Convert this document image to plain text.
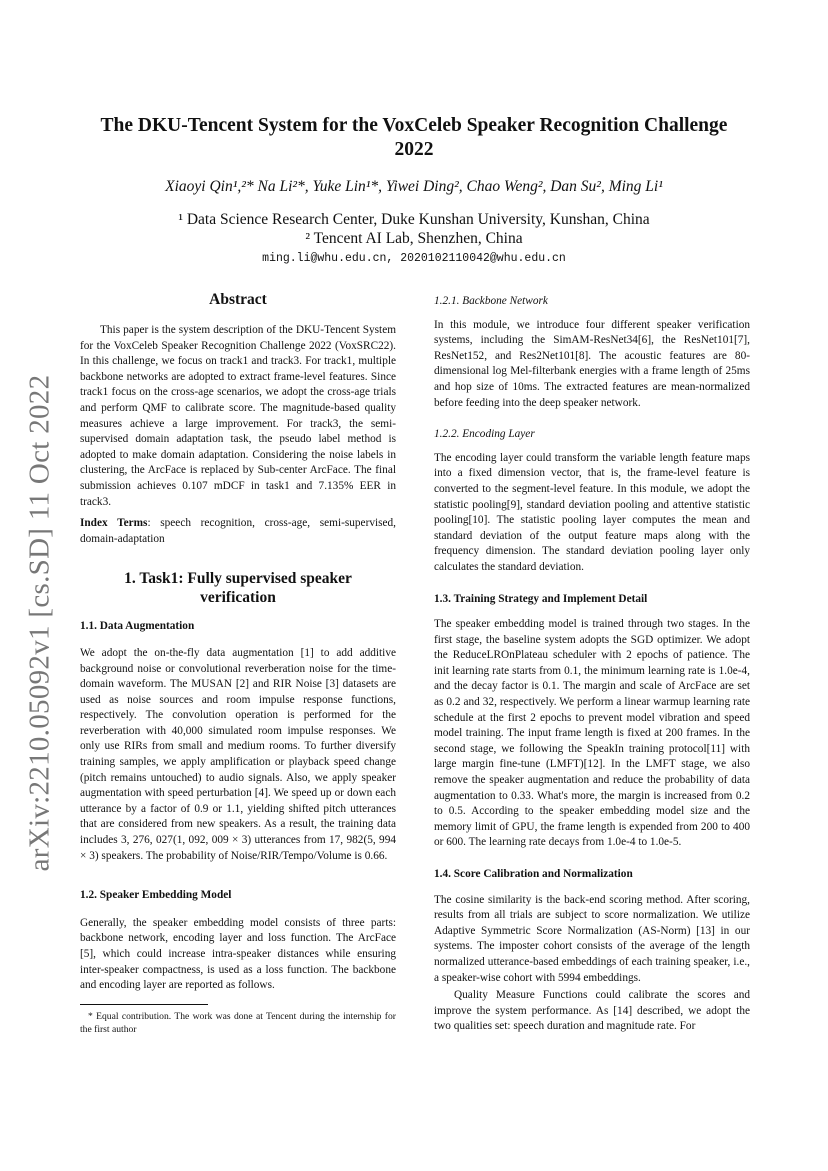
arXiv:2210.05092v1 [cs.SD] 11 Oct 2022
The DKU-Tencent System for the VoxCeleb Speaker Recognition Challenge 2022
Xiaoyi Qin¹,²* Na Li²*, Yuke Lin¹*, Yiwei Ding², Chao Weng², Dan Su², Ming Li¹
¹ Data Science Research Center, Duke Kunshan University, Kunshan, China
² Tencent AI Lab, Shenzhen, China
ming.li@whu.edu.cn, 2020102110042@whu.edu.cn
Abstract

This paper is the system description of the DKU-Tencent System for the VoxCeleb Speaker Recognition Challenge 2022 (VoxSRC22). In this challenge, we focus on track1 and track3. For track1, multiple backbone networks are adopted to extract frame-level features. Since track1 focus on the cross-age scenarios, we adopt the cross-age trials and perform QMF to calibrate score. The magnitude-based quality measures achieve a large improvement. For track3, the semi-supervised domain adaptation task, the pseudo label method is adopted to make domain adaptation. Considering the noise labels in clustering, the ArcFace is replaced by Sub-center ArcFace. The final submission achieves 0.107 mDCF in task1 and 7.135% EER in track3.

Index Terms: speech recognition, cross-age, semi-supervised, domain-adaptation

1. Task1: Fully supervised speaker verification
1.1. Data Augmentation

We adopt the on-the-fly data augmentation [1] to add additive background noise or convolutional reverberation noise for the time-domain waveform. The MUSAN [2] and RIR Noise [3] datasets are used as noise sources and room impulse response functions, respectively. The convolution operation is performed for the reverberation with 40,000 simulated room impulse responses. We only use RIRs from small and medium rooms. To further diversify training samples, we apply amplification or playback speed change (pitch remains untouched) to audio signals. Also, we apply speaker augmentation with speed perturbation [4]. We speed up or down each utterance by a factor of 0.9 or 1.1, yielding shifted pitch utterances that are considered from new speakers. As a result, the training data includes 3, 276, 027(1, 092, 009 × 3) utterances from 17, 982(5, 994 × 3) speakers. The probability of Noise/RIR/Tempo/Volume is 0.66.

1.2. Speaker Embedding Model

Generally, the speaker embedding model consists of three parts: backbone network, encoding layer and loss function. The ArcFace [5], which could increase intra-speaker distances while ensuring inter-speaker compactness, is used as a loss function. The backbone and encoding layer are reported as follows.

* Equal contribution. The work was done at Tencent during the internship for the first author

1.2.1. Backbone Network

In this module, we introduce four different speaker verification systems, including the SimAM-ResNet34[6], the ResNet101[7], ResNet152, and Res2Net101[8]. The acoustic features are 80-dimensional log Mel-filterbank energies with a frame length of 25ms and hop size of 10ms. The extracted features are mean-normalized before feeding into the deep speaker network.

1.2.2. Encoding Layer

The encoding layer could transform the variable length feature maps into a fixed dimension vector, that is, the frame-level feature is converted to the segment-level feature. In this module, we adopt the statistic pooling[9], standard deviation pooling and attentive statistic pooling[10]. The statistic pooling layer computes the mean and standard deviation of the output feature maps along with the frequency dimension. The standard deviation pooling layer only calculates the standard deviation.

1.3. Training Strategy and Implement Detail

The speaker embedding model is trained through two stages. In the first stage, the baseline system adopts the SGD optimizer. We adopt the ReduceLROnPlateau scheduler with 2 epochs of patience. The init learning rate starts from 0.1, the minimum learning rate is 1.0e-4, and the decay factor is 0.1. The margin and scale of ArcFace are set as 0.2 and 32, respectively. We perform a linear warmup learning rate schedule at the first 2 epochs to prevent model vibration and speed model training. The input frame length is fixed at 200 frames. In the second stage, we following the SpeakIn training protocol[11] with large margin fine-tune (LMFT)[12]. In the LMFT stage, we also remove the speaker augmentation and reduce the probability of data augmentation to 0.33. What's more, the margin is increased from 0.2 to 0.5. According to the speaker embedding model size and the memory limit of GPU, the frame length is expended from 200 to 400 or 600. The learning rate decays from 1.0e-4 to 1.0e-5.

1.4. Score Calibration and Normalization

The cosine similarity is the back-end scoring method. After scoring, results from all trials are subject to score normalization. We utilize Adaptive Symmetric Score Normalization (AS-Norm) [13] in our systems. The imposter cohort consists of the average of the length normalized utterance-based embeddings of each training speaker, i.e., a speaker-wise cohort with 5994 embeddings.

Quality Measure Functions could calibrate the scores and improve the system performance. As [14] described, we adopt the two qualities set: speech duration and magnitude rate. For
